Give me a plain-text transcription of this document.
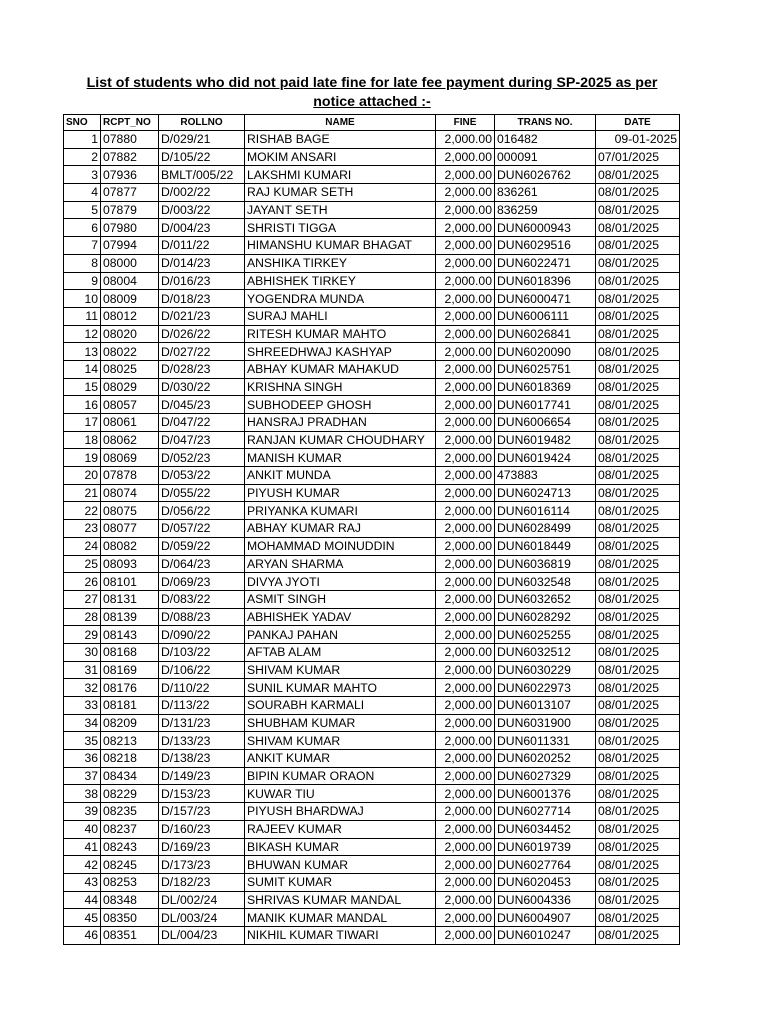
List of students who did not paid late fine for late fee payment during SP-2025 as per
notice attached :-
SNO	RCPT_NO	ROLLNO	NAME	FINE	TRANS NO.	DATE
1	07880	D/029/21	RISHAB BAGE	2,000.00	016482	09-01-2025
2	07882	D/105/22	MOKIM ANSARI	2,000.00	000091	07/01/2025
3	07936	BMLT/005/22	LAKSHMI KUMARI	2,000.00	DUN6026762	08/01/2025
4	07877	D/002/22	RAJ KUMAR SETH	2,000.00	836261	08/01/2025
5	07879	D/003/22	JAYANT SETH	2,000.00	836259	08/01/2025
6	07980	D/004/23	SHRISTI TIGGA	2,000.00	DUN6000943	08/01/2025
7	07994	D/011/22	HIMANSHU KUMAR BHAGAT	2,000.00	DUN6029516	08/01/2025
8	08000	D/014/23	ANSHIKA TIRKEY	2,000.00	DUN6022471	08/01/2025
9	08004	D/016/23	ABHISHEK TIRKEY	2,000.00	DUN6018396	08/01/2025
10	08009	D/018/23	YOGENDRA MUNDA	2,000.00	DUN6000471	08/01/2025
11	08012	D/021/23	SURAJ MAHLI	2,000.00	DUN6006111	08/01/2025
12	08020	D/026/22	RITESH KUMAR MAHTO	2,000.00	DUN6026841	08/01/2025
13	08022	D/027/22	SHREEDHWAJ KASHYAP	2,000.00	DUN6020090	08/01/2025
14	08025	D/028/23	ABHAY KUMAR MAHAKUD	2,000.00	DUN6025751	08/01/2025
15	08029	D/030/22	KRISHNA SINGH	2,000.00	DUN6018369	08/01/2025
16	08057	D/045/23	SUBHODEEP GHOSH	2,000.00	DUN6017741	08/01/2025
17	08061	D/047/22	HANSRAJ PRADHAN	2,000.00	DUN6006654	08/01/2025
18	08062	D/047/23	RANJAN KUMAR CHOUDHARY	2,000.00	DUN6019482	08/01/2025
19	08069	D/052/23	MANISH KUMAR	2,000.00	DUN6019424	08/01/2025
20	07878	D/053/22	ANKIT MUNDA	2,000.00	473883	08/01/2025
21	08074	D/055/22	PIYUSH KUMAR	2,000.00	DUN6024713	08/01/2025
22	08075	D/056/22	PRIYANKA KUMARI	2,000.00	DUN6016114	08/01/2025
23	08077	D/057/22	ABHAY KUMAR RAJ	2,000.00	DUN6028499	08/01/2025
24	08082	D/059/22	MOHAMMAD MOINUDDIN	2,000.00	DUN6018449	08/01/2025
25	08093	D/064/23	ARYAN SHARMA	2,000.00	DUN6036819	08/01/2025
26	08101	D/069/23	DIVYA JYOTI	2,000.00	DUN6032548	08/01/2025
27	08131	D/083/22	ASMIT SINGH	2,000.00	DUN6032652	08/01/2025
28	08139	D/088/23	ABHISHEK YADAV	2,000.00	DUN6028292	08/01/2025
29	08143	D/090/22	PANKAJ PAHAN	2,000.00	DUN6025255	08/01/2025
30	08168	D/103/22	AFTAB ALAM	2,000.00	DUN6032512	08/01/2025
31	08169	D/106/22	SHIVAM KUMAR	2,000.00	DUN6030229	08/01/2025
32	08176	D/110/22	SUNIL KUMAR MAHTO	2,000.00	DUN6022973	08/01/2025
33	08181	D/113/22	SOURABH KARMALI	2,000.00	DUN6013107	08/01/2025
34	08209	D/131/23	SHUBHAM KUMAR	2,000.00	DUN6031900	08/01/2025
35	08213	D/133/23	SHIVAM KUMAR	2,000.00	DUN6011331	08/01/2025
36	08218	D/138/23	ANKIT KUMAR	2,000.00	DUN6020252	08/01/2025
37	08434	D/149/23	BIPIN KUMAR ORAON	2,000.00	DUN6027329	08/01/2025
38	08229	D/153/23	KUWAR TIU	2,000.00	DUN6001376	08/01/2025
39	08235	D/157/23	PIYUSH BHARDWAJ	2,000.00	DUN6027714	08/01/2025
40	08237	D/160/23	RAJEEV KUMAR	2,000.00	DUN6034452	08/01/2025
41	08243	D/169/23	BIKASH KUMAR	2,000.00	DUN6019739	08/01/2025
42	08245	D/173/23	BHUWAN KUMAR	2,000.00	DUN6027764	08/01/2025
43	08253	D/182/23	SUMIT KUMAR	2,000.00	DUN6020453	08/01/2025
44	08348	DL/002/24	SHRIVAS KUMAR MANDAL	2,000.00	DUN6004336	08/01/2025
45	08350	DL/003/24	MANIK KUMAR MANDAL	2,000.00	DUN6004907	08/01/2025
46	08351	DL/004/23	NIKHIL KUMAR TIWARI	2,000.00	DUN6010247	08/01/2025
